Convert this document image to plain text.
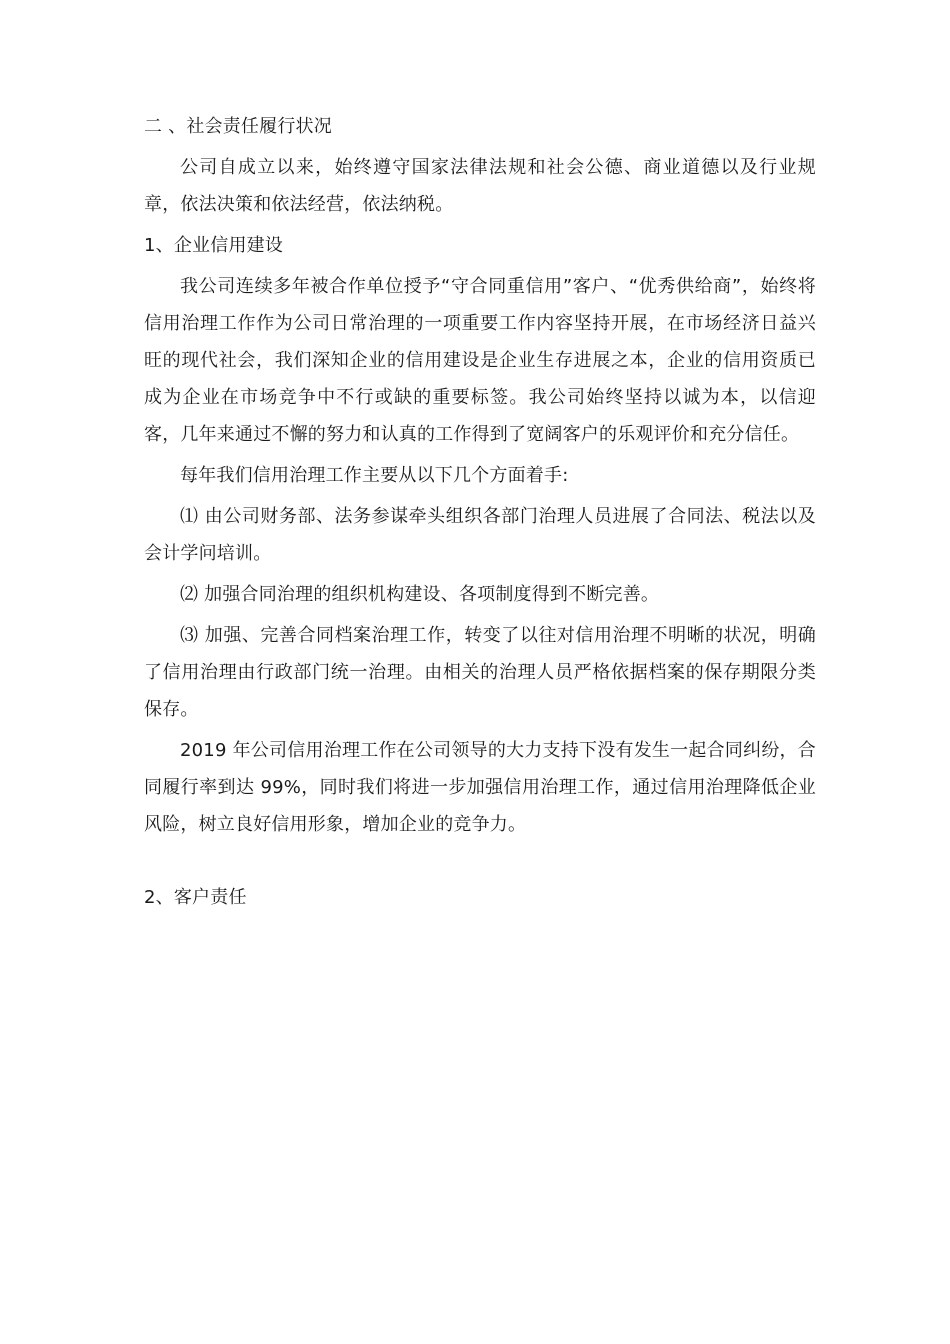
二 、社会责任履行状况

公司自成立以来，始终遵守国家法律法规和社会公德、商业道德以及行业规章，依法决策和依法经营，依法纳税。

1、企业信用建设

我公司连续多年被合作单位授予“守合同重信用”客户、“优秀供给商”，始终将信用治理工作作为公司日常治理的一项重要工作内容坚持开展，在市场经济日益兴旺的现代社会，我们深知企业的信用建设是企业生存进展之本，企业的信用资质已成为企业在市场竞争中不行或缺的重要标签。我公司始终坚持以诚为本，以信迎客，几年来通过不懈的努力和认真的工作得到了宽阔客户的乐观评价和充分信任。

每年我们信用治理工作主要从以下几个方面着手:

⑴ 由公司财务部、法务参谋牵头组织各部门治理人员进展了合同法、税法以及会计学问培训。

⑵ 加强合同治理的组织机构建设、各项制度得到不断完善。

⑶ 加强、完善合同档案治理工作，转变了以往对信用治理不明晰的状况，明确了信用治理由行政部门统一治理。由相关的治理人员严格依据档案的保存期限分类保存。

2019 年公司信用治理工作在公司领导的大力支持下没有发生一起合同纠纷，合同履行率到达 99%，同时我们将进一步加强信用治理工作，通过信用治理降低企业风险，树立良好信用形象，增加企业的竞争力。

2、客户责任
